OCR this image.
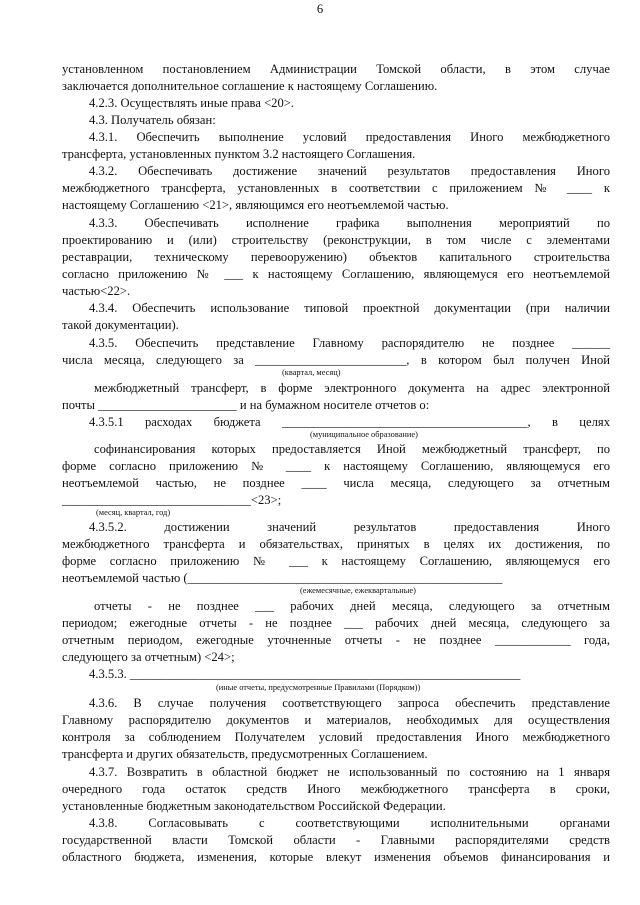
6
установленном постановлением Администрации Томской области, в этом случае
заключается дополнительное соглашение к настоящему Соглашению.
4.2.3. Осуществлять иные права <20>.
4.3. Получатель обязан:
4.3.1. Обеспечить выполнение условий предоставления Иного межбюджетного
трансферта, установленных пунктом 3.2 настоящего Соглашения.
4.3.2. Обеспечивать достижение значений результатов предоставления Иного
межбюджетного трансферта, установленных в соответствии с приложением № ____ к
настоящему Соглашению <21>, являющимся его неотъемлемой частью.
4.3.3. Обеспечивать исполнение графика выполнения мероприятий по
проектированию и (или) строительству (реконструкции, в том числе с элементами
реставрации, техническому перевооружению) объектов капитального строительства
согласно приложению № ___ к настоящему Соглашению, являющемуся его неотъемлемой
частью<22>.
4.3.4. Обеспечить использование типовой проектной документации (при наличии
такой документации).
4.3.5. Обеспечить представление Главному распорядителю не позднее ______
числа месяца, следующего за ________________________, в котором был получен Иной
(квартал, месяц)
межбюджетный трансферт, в форме электронного документа на адрес электронной
почты ______________________ и на бумажном носителе отчетов о:
4.3.5.1 расходах бюджета _______________________________________, в целях
(муниципальное образование)
софинансирования которых предоставляется Иной межбюджетный трансферт, по
форме согласно приложению № ____ к настоящему Соглашению, являющемуся его
неотъемлемой частью, не позднее ____ числа месяца, следующего за отчетным
______________________________<23>;
(месяц, квартал, год)
4.3.5.2. достижении значений результатов предоставления Иного
межбюджетного трансферта и обязательствах, принятых в целях их достижения, по
форме согласно приложению № ___ к настоящему Соглашению, являющемуся его
неотъемлемой частью (__________________________________________________
(ежемесячные, ежеквартальные)
отчеты - не позднее ___ рабочих дней месяца, следующего за отчетным
периодом; ежегодные отчеты - не позднее ___ рабочих дней месяца, следующего за
отчетным периодом, ежегодные уточненные отчеты - не позднее ____________ года,
следующего за отчетным) <24>;
4.3.5.3. ______________________________________________________________
(иные отчеты, предусмотренные Правилами (Порядком))
4.3.6. В случае получения соответствующего запроса обеспечить представление
Главному распорядителю документов и материалов, необходимых для осуществления
контроля за соблюдением Получателем условий предоставления Иного межбюджетного
трансферта и других обязательств, предусмотренных Соглашением.
4.3.7. Возвратить в областной бюджет не использованный по состоянию на 1 января
очередного года остаток средств Иного межбюджетного трансферта в сроки,
установленные бюджетным законодательством Российской Федерации.
4.3.8. Согласовывать с соответствующими исполнительными органами
государственной власти Томской области - Главными распорядителями средств
областного бюджета, изменения, которые влекут изменения объемов финансирования и
